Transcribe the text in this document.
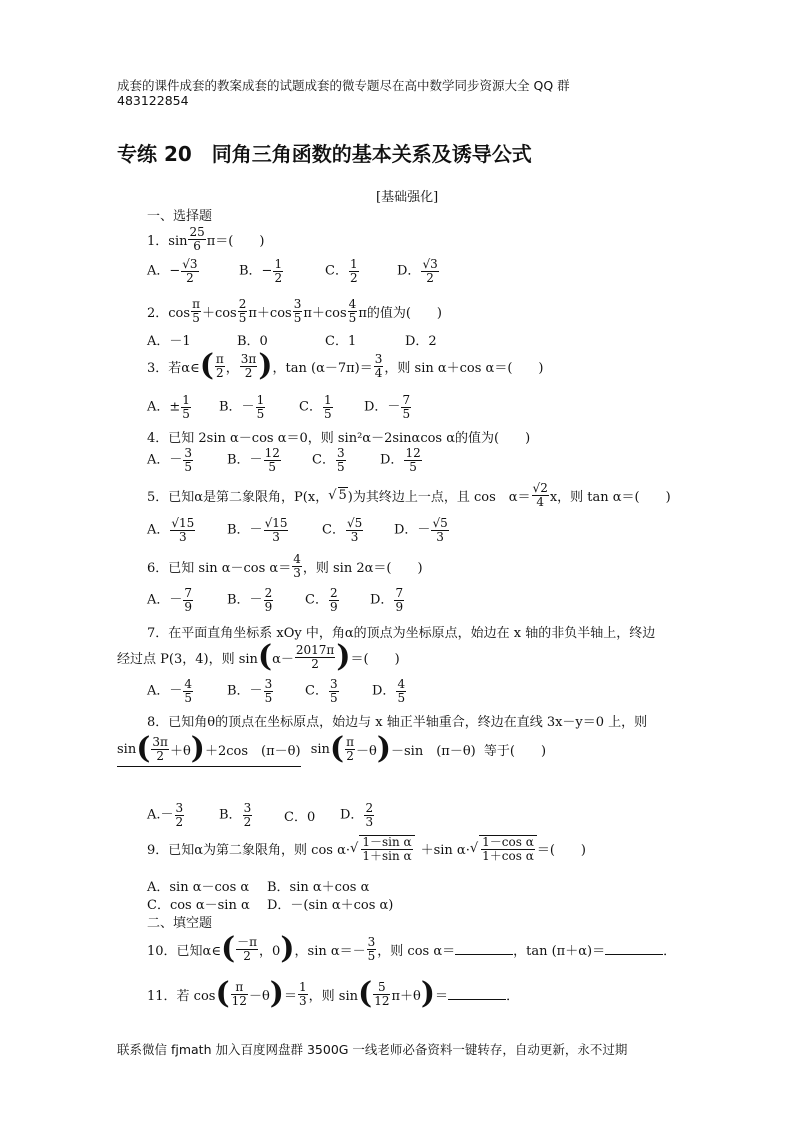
成套的课件成套的教案成套的试题成套的微专题尽在高中数学同步资源大全 QQ 群
483122854
专练 20　同角三角函数的基本关系及诱导公式
[基础强化]
一、选择题
1．$\sin \frac{25}{6} \pi=$(　　)
A．− $\frac{√3}{2}$	B．− $\frac{1}{2}$	C． $\frac{1}{2}$	D． $\frac{√3}{2}$
2．$\cos \frac{\pi}{5} +\cos \frac{2}{5} \pi+\cos \frac{3}{5} \pi+\cos \frac{4}{5}$ π的值为(　　)
A．－1	B．0	C．1	D．2
3．若α∈ ( $\frac{\pi}{2}$ ， $\frac{3\pi}{2}$ ) ，$\tan (\alpha-7\pi)= \frac{3}{4}$ ，则 sin α＋cos α＝(　　)
A．± $\frac{1}{5}$ B．－ $\frac{1}{5}$	C． $\frac{1}{5}$ D．－ $\frac{7}{5}$
4．已知 2sin α－cos α＝0，则 sin²α－2sinαcos α的值为(　　)
A．－ $\frac{3}{5}$	B．－ $\frac{12}{5}$ C． $\frac{3}{5}$	D． $\frac{12}{5}$
5．已知α是第二象限角，P(x， √ 5 )为其终边上一点，且 cos　$\alpha= \frac{√2}{4}$ x，则 tan α＝(　　)
A． $\frac{√15}{3}$ B．－ $\frac{√15}{3}$	C． $\frac{√5}{3}$ D．－ $\frac{√5}{3}$
6．已知 sin α－cos $\alpha= \frac{4}{3}$ ，则 sin 2α＝(　　)
A．－ $\frac{7}{9}$	B．－ $\frac{2}{9}$ C． $\frac{2}{9}$ D． $\frac{7}{9}$
7．在平面直角坐标系 xOy 中，角α的顶点为坐标原点，始边在 x 轴的非负半轴上，终边
经过点 P(3，4)，则 sin ( $\alpha- \frac{2017\pi}{2}$ ) ＝(　　)
A．－ $\frac{4}{5}$	B．－ $\frac{3}{5}$ C． $\frac{3}{5}$	D． $\frac{4}{5}$
8．已知角θ的顶点在坐标原点，始边与 x 轴正半轴重合，终边在直线 3x－y＝0 上，则
sin ( $\frac{3\pi}{2} +\theta$ ) ＋2cos　(π－θ)
sin ( $\frac{\pi}{2} -\theta$ ) －sin　(π－θ) 等于(　　)
$A.- \frac{3}{2}$	B． $\frac{3}{2}$ C．0	D． $\frac{2}{3}$
9．已知α为第二象限角，则 cos α· √ $\frac{\text{1－sin α}}{\text{1＋sin α}} +\sin$ α· √ $\frac{\text{1－cos α}}{\text{1＋cos α}}$ ＝(　　)
A．sin α－cos α B．sin α＋cos α
C．cos α－sin α D．－(sin α＋cos α)
二、填空题
10．已知α∈ ( $\frac{-\pi}{2}$ ，0 ) ，$\sin \alpha=- \frac{3}{5}$ ，则 cos α＝	，tan (π＋α)＝	．
11．若 cos ( $\frac{\pi}{12} -\theta$ ) ＝ $\frac{1}{3}$ ，则 sin ( $\frac{5}{12} \pi+\theta$ ) ＝	．
联系微信 fjmath 加入百度网盘群 3500G 一线老师必备资料一键转存，自动更新，永不过期
